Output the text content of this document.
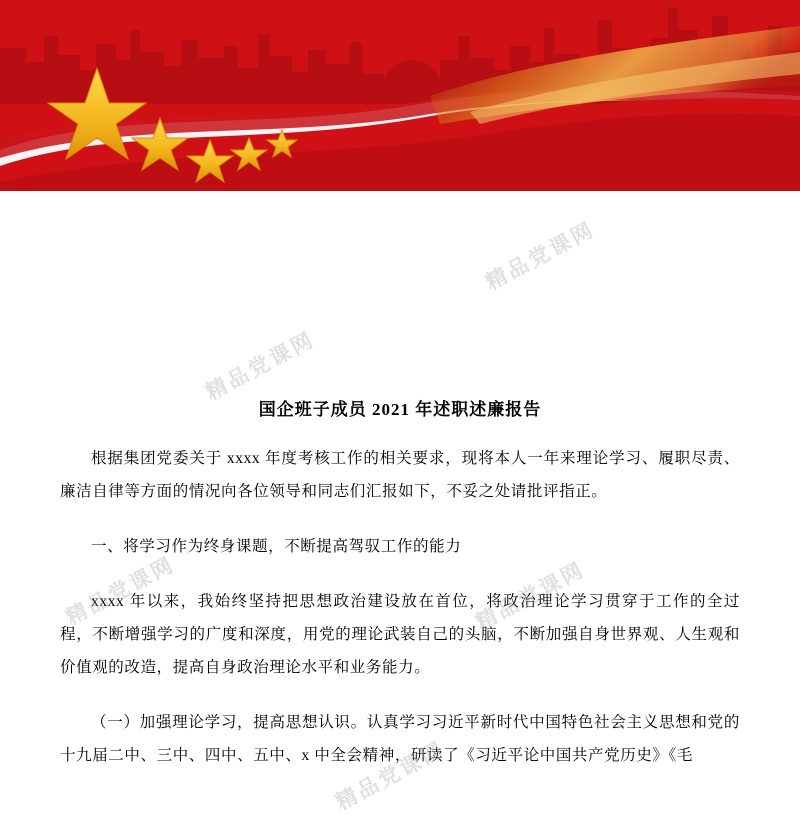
国企班子成员 2021 年述职述廉报告

根据集团党委关于 xxxx 年度考核工作的相关要求，现将本人一年来理论学习、履职尽责、廉洁自律等方面的情况向各位领导和同志们汇报如下，不妥之处请批评指正。

一、将学习作为终身课题，不断提高驾驭工作的能力

xxxx 年以来，我始终坚持把思想政治建设放在首位，将政治理论学习贯穿于工作的全过程，不断增强学习的广度和深度，用党的理论武装自己的头脑，不断加强自身世界观、人生观和价值观的改造，提高自身政治理论水平和业务能力。

（一）加强理论学习，提高思想认识。认真学习习近平新时代中国特色社会主义思想和党的十九届二中、三中、四中、五中、x 中全会精神，研读了《习近平论中国共产党历史》《毛

精品党课网
精品党课网
精品党课网	精品党课网
精品党课网
